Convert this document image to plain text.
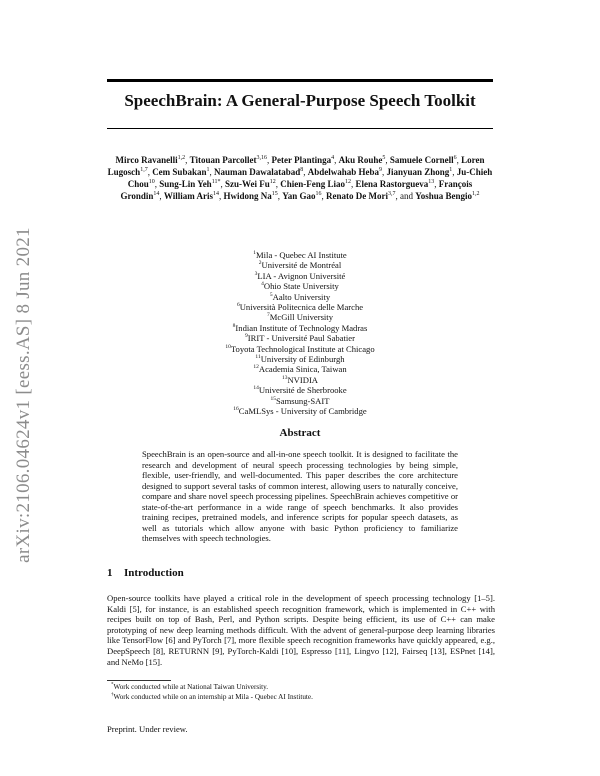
arXiv:2106.04624v1 [eess.AS] 8 Jun 2021
SpeechBrain: A General-Purpose Speech Toolkit
Mirco Ravanelli$^{1,2}$, Titouan Parcollet$^{3,16}$, Peter Plantinga$^4$, Aku Rouhe$^5$, Samuele Cornell$^6$, Loren Lugosch$^{1,7}$, Cem Subakan$^1$, Nauman Dawalatabad$^8$, Abdelwahab Heba$^9$, Jianyuan Zhong$^1$, Ju-Chieh Chou$^{10}$, Sung-Lin Yeh$^{11*}$, Szu-Wei Fu$^{12}$, Chien-Feng Liao$^{12}$, Elena Rastorgueva$^{13}$, François Grondin$^{14}$, William Aris$^{14}$, Hwidong Na$^{15}$, Yan Gao$^{16}$, Renato De Mori$^{3,7}$, and Yoshua Bengio$^{1,2}$
$^1$Mila - Quebec AI Institute
$^2$Université de Montréal
$^3$LIA - Avignon Université
$^4$Ohio State University
$^5$Aalto University
$^6$Università Politecnica delle Marche
$^7$McGill University
$^8$Indian Institute of Technology Madras
$^9$IRIT - Université Paul Sabatier
$^{10}$Toyota Technological Institute at Chicago
$^{11}$University of Edinburgh
$^{12}$Academia Sinica, Taiwan
$^{13}$NVIDIA
$^{14}$Université de Sherbrooke
$^{15}$Samsung-SAIT
$^{16}$CaMLSys - University of Cambridge
Abstract

SpeechBrain is an open-source and all-in-one speech toolkit. It is designed to facilitate the research and development of neural speech processing technologies by being simple, flexible, user-friendly, and well-documented. This paper describes the core architecture designed to support several tasks of common interest, allowing users to naturally conceive, compare and share novel speech processing pipelines. SpeechBrain achieves competitive or state-of-the-art performance in a wide range of speech benchmarks. It also provides training recipes, pretrained models, and inference scripts for popular speech datasets, as well as tutorials which allow anyone with basic Python proficiency to familiarize themselves with speech technologies.

1 Introduction

Open-source toolkits have played a critical role in the development of speech processing technology [1–5]. Kaldi [5], for instance, is an established speech recognition framework, which is implemented in C++ with recipes built on top of Bash, Perl, and Python scripts. Despite being efficient, its use of C++ can make prototyping of new deep learning methods difficult. With the advent of general-purpose deep learning libraries like TensorFlow [6] and PyTorch [7], more flexible speech recognition frameworks have quickly appeared, e.g., DeepSpeech [8], RETURNN [9], PyTorch-Kaldi [10], Espresso [11], Lingvo [12], Fairseq [13], ESPnet [14], and NeMo [15].

*Work conducted while at National Taiwan University.
†Work conducted while on an internship at Mila - Quebec AI Institute.
Preprint. Under review.
